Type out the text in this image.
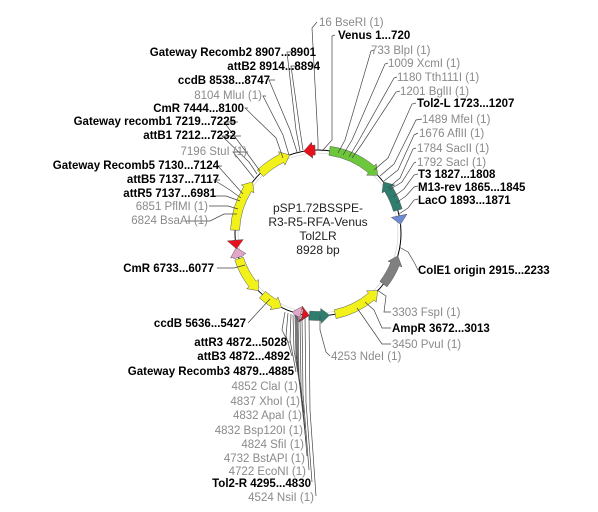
pSP1.72BSSPE-
R3-R5-RFA-Venus
Tol2LR
8928 bp
16 BseRI (1)
Venus 1...720
733 BlpI (1)
1009 XcmI (1)
1180 Tth111I (1)
1201 BglII (1)
Tol2-L 1723...1207
1489 MfeI (1)
1676 AflII (1)
1784 SacII (1)
1792 SacI (1)
T3 1827...1808
M13-rev 1865...1845
LacO 1893...1871
ColE1 origin 2915...2233
3303 FspI (1)
AmpR 3672...3013
3450 PvuI (1)
4253 NdeI (1)
Gateway Recomb2 8907...8901
attB2 8914...8894
ccdB 8538...8747
8104 MluI (1)
CmR 7444...8100
Gateway recomb1 7219...7225
attB1 7212...7232
7196 StuI (1)
Gateway Recomb5 7130...7124
attB5 7137...7117
attR5 7137...6981
6851 PflMI (1)
6824 BsaAI (1)
CmR 6733...6077
ccdB 5636...5427
attR3 4872...5028
attB3 4872...4892
Gateway Recomb3 4879...4885
4852 ClaI (1)
4837 XhoI (1)
4832 ApaI (1)
4832 Bsp120I (1)
4824 SfiI (1)
4732 BstAPI (1)
4722 EcoNI (1)
Tol2-R 4295...4830
4524 NsiI (1)
